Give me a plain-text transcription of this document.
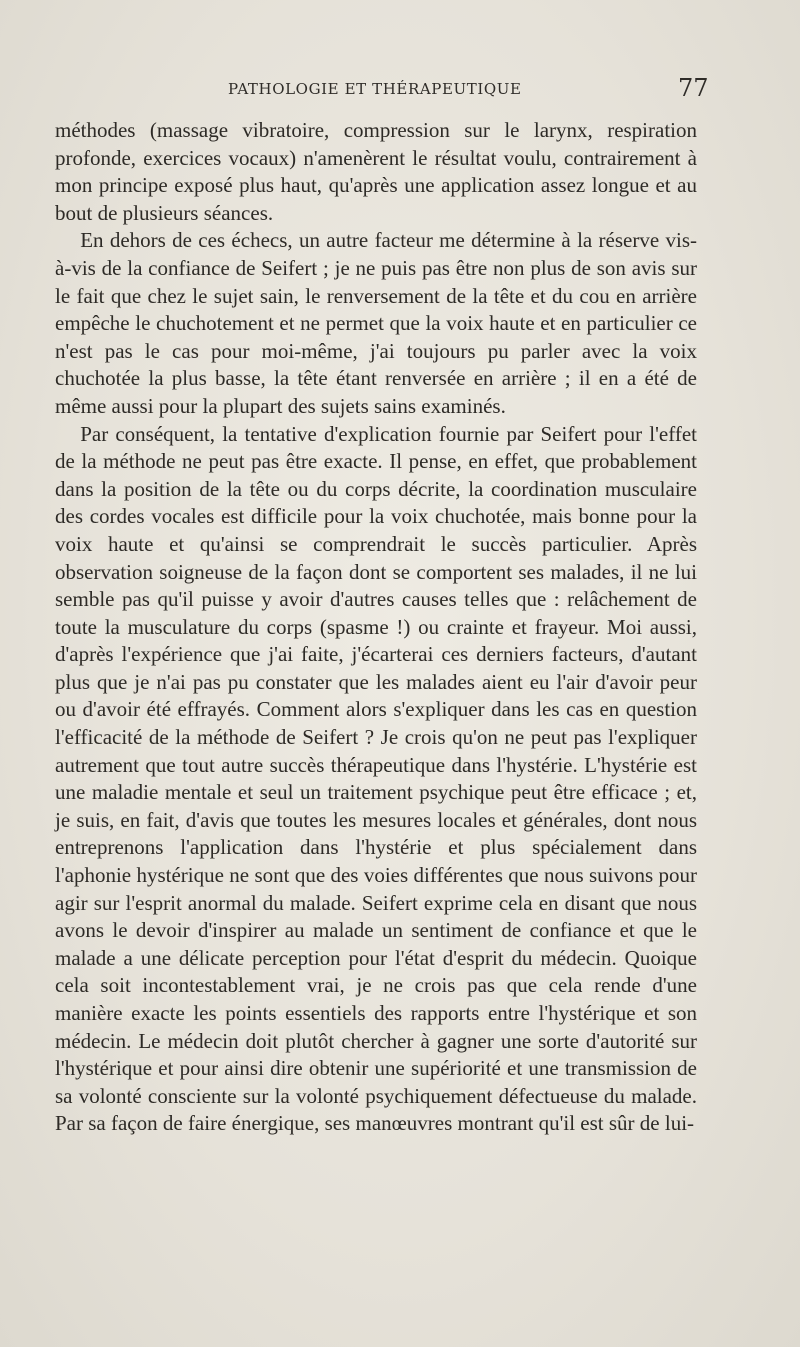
PATHOLOGIE ET THÉRAPEUTIQUE	77

méthodes (massage vibratoire, compression sur le larynx, respiration profonde, exercices vocaux) n'amenèrent le résultat voulu, contrairement à mon principe exposé plus haut, qu'après une application assez longue et au bout de plusieurs séances.

En dehors de ces échecs, un autre facteur me détermine à la réserve vis-à-vis de la confiance de Seifert ; je ne puis pas être non plus de son avis sur le fait que chez le sujet sain, le renversement de la tête et du cou en arrière empêche le chuchotement et ne permet que la voix haute et en particulier ce n'est pas le cas pour moi-même, j'ai toujours pu parler avec la voix chuchotée la plus basse, la tête étant renversée en arrière ; il en a été de même aussi pour la plupart des sujets sains examinés.

Par conséquent, la tentative d'explication fournie par Seifert pour l'effet de la méthode ne peut pas être exacte. Il pense, en effet, que probablement dans la position de la tête ou du corps décrite, la coordination musculaire des cordes vocales est difficile pour la voix chuchotée, mais bonne pour la voix haute et qu'ainsi se comprendrait le succès particulier. Après observation soigneuse de la façon dont se comportent ses malades, il ne lui semble pas qu'il puisse y avoir d'autres causes telles que : relâchement de toute la musculature du corps (spasme !) ou crainte et frayeur. Moi aussi, d'après l'expérience que j'ai faite, j'écarterai ces derniers facteurs, d'autant plus que je n'ai pas pu constater que les malades aient eu l'air d'avoir peur ou d'avoir été effrayés. Comment alors s'expliquer dans les cas en question l'efficacité de la méthode de Seifert ? Je crois qu'on ne peut pas l'expliquer autrement que tout autre succès thérapeutique dans l'hystérie. L'hystérie est une maladie mentale et seul un traitement psychique peut être efficace ; et, je suis, en fait, d'avis que toutes les mesures locales et générales, dont nous entreprenons l'application dans l'hystérie et plus spécialement dans l'aphonie hystérique ne sont que des voies différentes que nous suivons pour agir sur l'esprit anormal du malade. Seifert exprime cela en disant que nous avons le devoir d'inspirer au malade un sentiment de confiance et que le malade a une délicate perception pour l'état d'esprit du médecin. Quoique cela soit incontestablement vrai, je ne crois pas que cela rende d'une manière exacte les points essentiels des rapports entre l'hystérique et son médecin. Le médecin doit plutôt chercher à gagner une sorte d'autorité sur l'hystérique et pour ainsi dire obtenir une supériorité et une transmission de sa volonté consciente sur la volonté psychiquement défectueuse du malade. Par sa façon de faire énergique, ses manœuvres montrant qu'il est sûr de lui-
